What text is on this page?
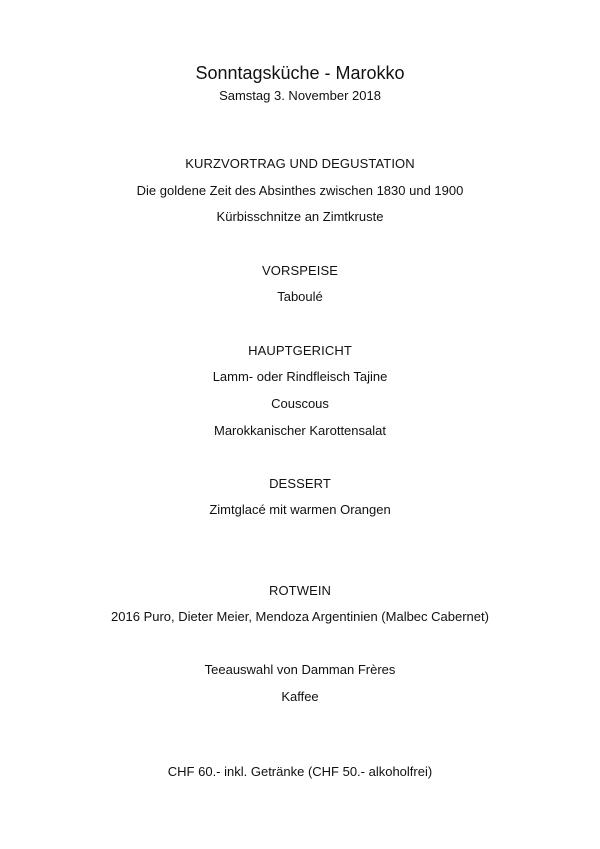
Sonntagsküche - Marokko
Samstag 3. November 2018
KURZVORTRAG UND DEGUSTATION
Die goldene Zeit des Absinthes zwischen 1830 und 1900
Kürbisschnitze an Zimtkruste
VORSPEISE
Taboulé
HAUPTGERICHT
Lamm- oder Rindfleisch Tajine
Couscous
Marokkanischer Karottensalat
DESSERT
Zimtglacé mit warmen Orangen
ROTWEIN
2016 Puro, Dieter Meier, Mendoza Argentinien (Malbec Cabernet)
Teeauswahl von Damman Frères
Kaffee
CHF 60.- inkl. Getränke (CHF 50.- alkoholfrei)
